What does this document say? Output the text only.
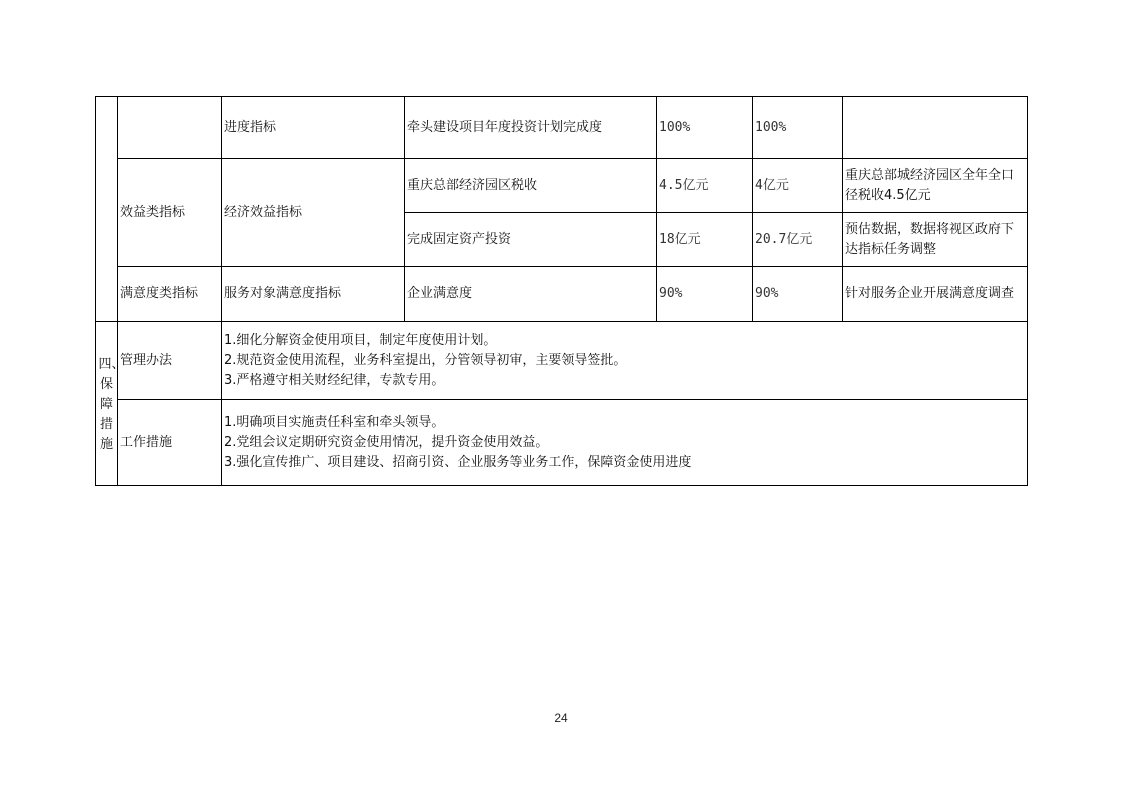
		进度指标	牵头建设项目年度投资计划完成度	100%	100%	
	效益类指标	经济效益指标	重庆总部经济园区税收	4.5亿元	4亿元	重庆总部城经济园区全年全口径税收4.5亿元
			完成固定资产投资	18亿元	20.7亿元	预估数据，数据将视区政府下达指标任务调整
	满意度类指标	服务对象满意度指标	企业满意度	90%	90%	针对服务企业开展满意度调查

四、保障措施	管理办法	1.细化分解资金使用项目，制定年度使用计划。
2.规范资金使用流程，业务科室提出，分管领导初审，主要领导签批。
3.严格遵守相关财经纪律，专款专用。				

	工作措施	1.明确项目实施责任科室和牵头领导。
2.党组会议定期研究资金使用情况，提升资金使用效益。
3.强化宣传推广、项目建设、招商引资、企业服务等业务工作，保障资金使用进度				
24
